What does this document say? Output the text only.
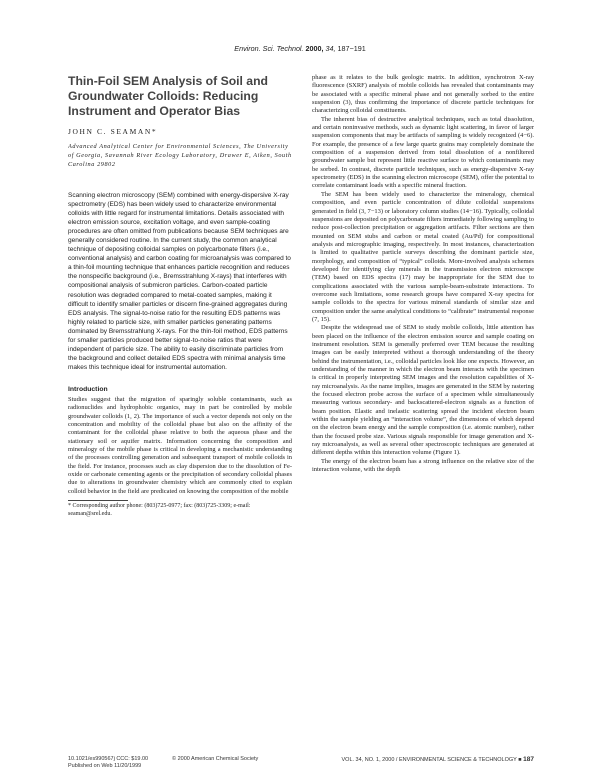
Environ. Sci. Technol. 2000, 34, 187−191
Thin-Foil SEM Analysis of Soil and Groundwater Colloids: Reducing Instrument and Operator Bias

JOHN C. SEAMAN*

Advanced Analytical Center for Environmental Sciences, The University of Georgia, Savannah River Ecology Laboratory, Drawer E, Aiken, South Carolina 29802

Scanning electron microscopy (SEM) combined with energy-dispersive X-ray spectrometry (EDS) has been widely used to characterize environmental colloids with little regard for instrumental limitations. Details associated with electron emission source, excitation voltage, and even sample-coating procedures are often omitted from publications because SEM techniques are generally considered routine. In the current study, the common analytical technique of depositing colloidal samples on polycarbonate filters (i.e., conventional analysis) and carbon coating for microanalysis was compared to a thin-foil mounting technique that enhances particle recognition and reduces the nonspecific background (i.e., Bremsstrahlung X-rays) that interferes with compositional analysis of submicron particles. Carbon-coated particle resolution was degraded compared to metal-coated samples, making it difficult to identify smaller particles or discern fine-grained aggregates during EDS analysis. The signal-to-noise ratio for the resulting EDS patterns was highly related to particle size, with smaller particles generating patterns dominated by Bremsstrahlung X-rays. For the thin-foil method, EDS patterns for smaller particles produced better signal-to-noise ratios that were independent of particle size. The ability to easily discriminate particles from the background and collect detailed EDS spectra with minimal analysis time makes this technique ideal for instrumental automation.

Introduction

Studies suggest that the migration of sparingly soluble contaminants, such as radionuclides and hydrophobic organics, may in part be controlled by mobile groundwater colloids (1, 2). The importance of such a vector depends not only on the concentration and mobility of the colloidal phase but also on the affinity of the contaminant for the colloidal phase relative to both the aqueous phase and the stationary soil or aquifer matrix. Information concerning the composition and mineralogy of the mobile phase is critical in developing a mechanistic understanding of the processes controlling generation and subsequent transport of mobile colloids in the field. For instance, processes such as clay dispersion due to the dissolution of Fe-oxide or carbonate cementing agents or the precipitation of secondary colloidal phases due to alterations in groundwater chemistry which are commonly cited to explain colloid behavior in the field are predicated on knowing the composition of the mobile

* Corresponding author phone: (803)725-0977; fax: (803)725-3309; e-mail: seaman@srel.edu.

phase as it relates to the bulk geologic matrix. In addition, synchrotron X-ray fluorescence (SXRF) analysis of mobile colloids has revealed that contaminants may be associated with a specific mineral phase and not generally sorbed to the entire suspension (3), thus confirming the importance of discrete particle techniques for characterizing colloidal constituents.

The inherent bias of destructive analytical techniques, such as total dissolution, and certain noninvasive methods, such as dynamic light scattering, in favor of larger suspension components that may be artifacts of sampling is widely recognized (4−6). For example, the presence of a few large quartz grains may completely dominate the composition of a suspension derived from total dissolution of a nonfiltered groundwater sample but represent little reactive surface to which contaminants may be sorbed. In contrast, discrete particle techniques, such as energy-dispersive X-ray spectrometry (EDS) in the scanning electron microscope (SEM), offer the potential to correlate contaminant loads with a specific mineral fraction.

The SEM has been widely used to characterize the mineralogy, chemical composition, and even particle concentration of dilute colloidal suspensions generated in field (3, 7−13) or laboratory column studies (14−16). Typically, colloidal suspensions are deposited on polycarbonate filters immediately following sampling to reduce post-collection precipitation or aggregation artifacts. Filter sections are then mounted on SEM stubs and carbon or metal coated (Au/Pd) for compositional analysis and micrographic imaging, respectively. In most instances, characterization is limited to qualitative particle surveys describing the dominant particle size, morphology, and composition of “typical” colloids. More-involved analysis schemes developed for identifying clay minerals in the transmission electron microscope (TEM) based on EDS spectra (17) may be inappropriate for the SEM due to complications associated with the various sample-beam-substrate interactions. To overcome such limitations, some research groups have compared X-ray spectra for sample colloids to the spectra for various mineral standards of similar size and composition under the same analytical conditions to “calibrate” instrumental response (7, 15).

Despite the widespread use of SEM to study mobile colloids, little attention has been placed on the influence of the electron emission source and sample coating on instrument resolution. SEM is generally preferred over TEM because the resulting images can be easily interpreted without a thorough understanding of the theory behind the instrumentation, i.e., colloidal particles look like one expects. However, an understanding of the manner in which the electron beam interacts with the specimen is critical in properly interpreting SEM images and the resolution capabilities of X-ray microanalysis. As the name implies, images are generated in the SEM by rastering the focused electron probe across the surface of a specimen while simultaneously measuring various secondary- and backscattered-electron signals as a function of beam position. Elastic and inelastic scattering spread the incident electron beam within the sample yielding an “interaction volume”, the dimensions of which depend on the electron beam energy and the sample composition (i.e. atomic number), rather than the focused probe size. Various signals responsible for image generation and X-ray microanalysis, as well as several other spectroscopic techniques are generated at different depths within this interaction volume (Figure 1).

The energy of the electron beam has a strong influence on the relative size of the interaction volume, with the depth

10.1021/es990567j CCC: $19.00
Published on Web 11/20/1999
© 2000 American Chemical Society	VOL. 34, NO. 1, 2000 / ENVIRONMENTAL SCIENCE & TECHNOLOGY ■ 187
